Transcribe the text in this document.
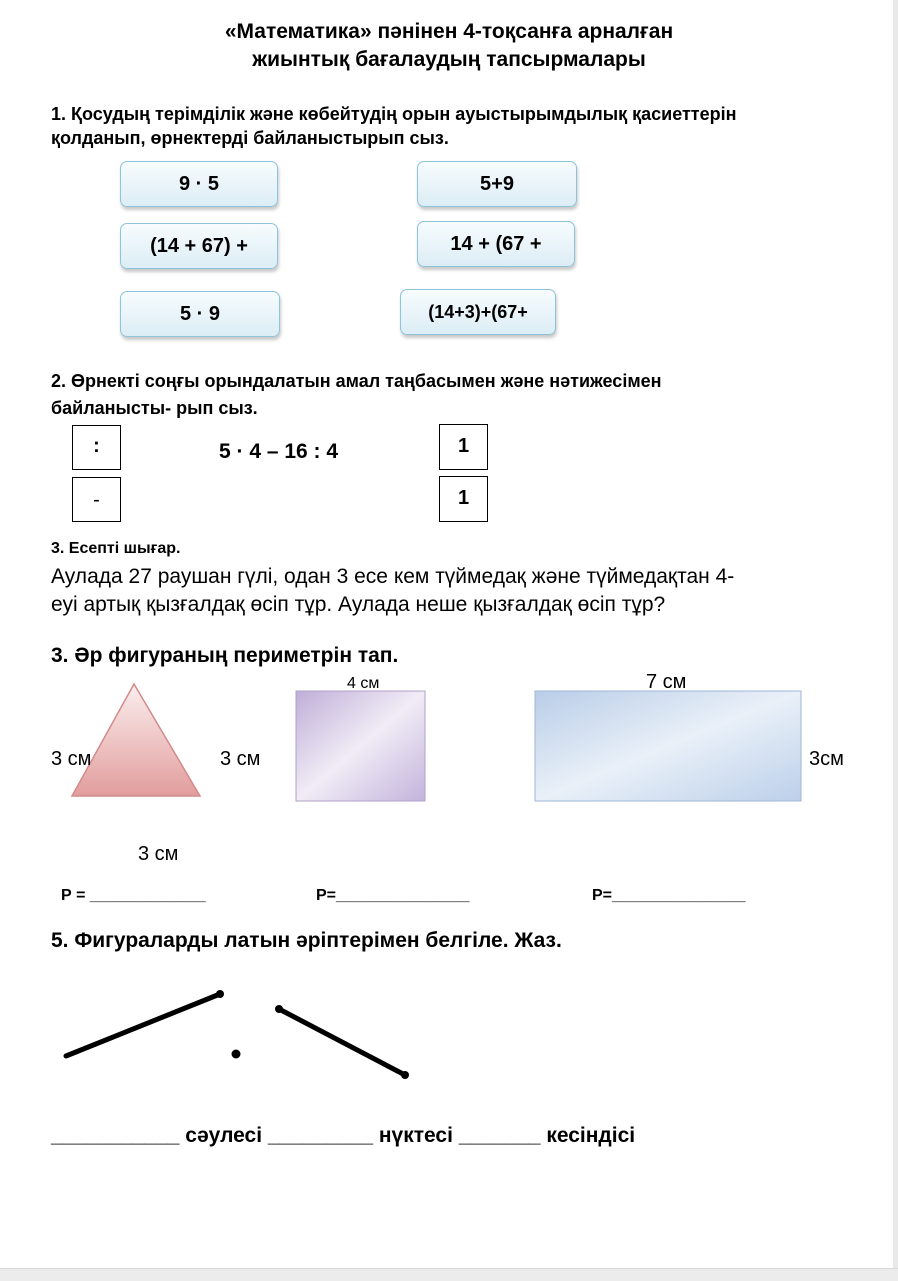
«Математика» пәнінен 4-тоқсанға арналған
жиынтық бағалаудың тапсырмалары
1. Қосудың терімділік және көбейтудің орын ауыстырымдылық қасиеттерін
қолданып, өрнектерді байланыстырып сыз.
9 · 5	5+9
(14 + 67) +	14 + (67 +
5 · 9	(14+3)+(67+
2. Өрнекті соңғы орындалатын амал таңбасымен және нәтижесімен
байланысты- рып сыз.
:
-
5 · 4 – 16 : 4	1
1
3. Есепті шығар.
Аулада 27 раушан гүлі, одан 3 есе кем түймедақ және түймедақтан 4-
еуі артық қызғалдақ өсіп тұр. Аулада неше қызғалдақ өсіп тұр?
3. Әр фигураның периметрін тап.
3 см	3 см
3 см
4 см	7 см
3см
Р = _____________	Р=_______________	Р=_______________
5. Фигураларды латын әріптерімен белгіле. Жаз.
___________ сәулесі _________ нүктесі _______ кесіндісі
